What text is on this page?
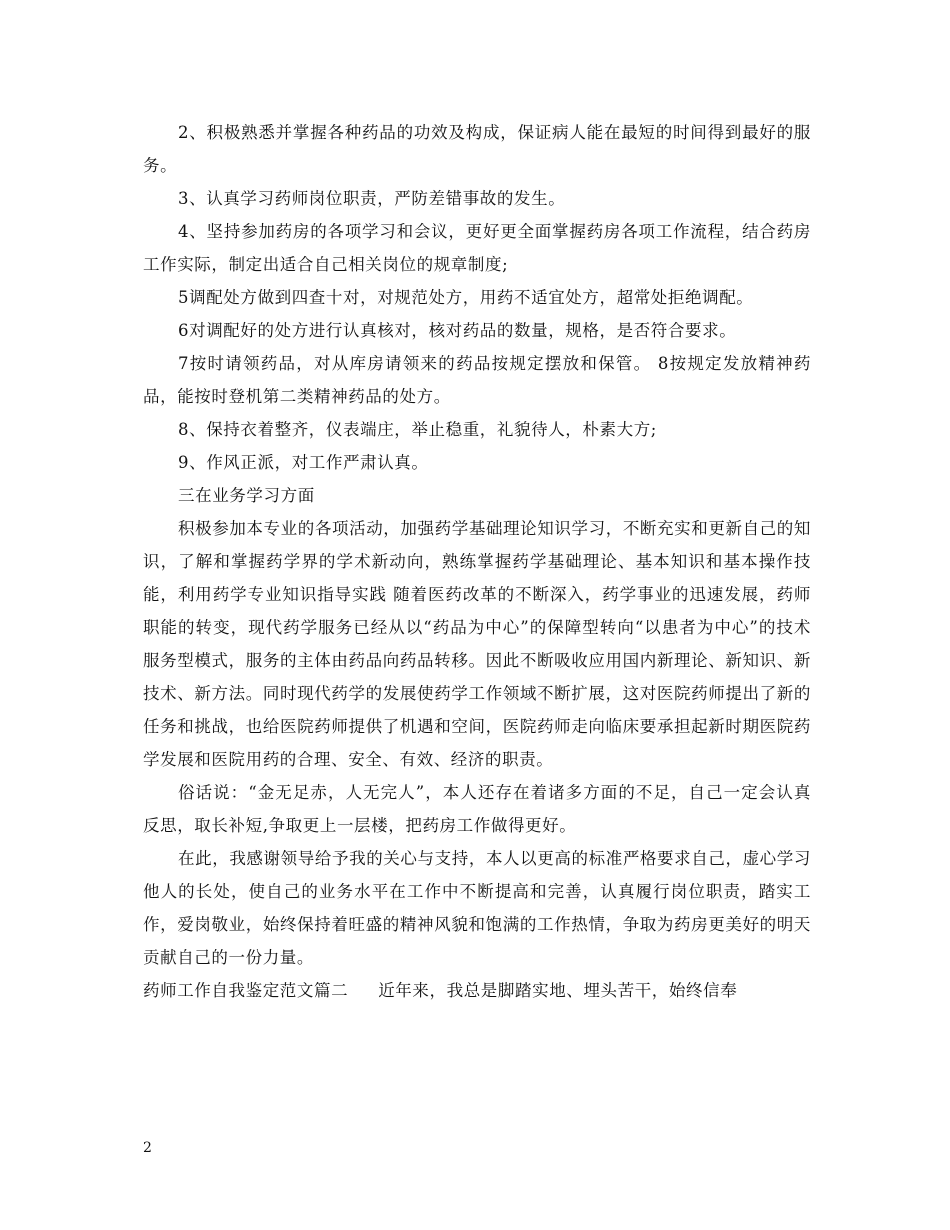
2、积极熟悉并掌握各种药品的功效及构成，保证病人能在最短的时间得到最好的服务。

3、认真学习药师岗位职责，严防差错事故的发生。

4、坚持参加药房的各项学习和会议，更好更全面掌握药房各项工作流程，结合药房工作实际，制定出适合自己相关岗位的规章制度;

5调配处方做到四查十对，对规范处方，用药不适宜处方，超常处拒绝调配。

6对调配好的处方进行认真核对，核对药品的数量，规格，是否符合要求。

7按时请领药品，对从库房请领来的药品按规定摆放和保管。 8按规定发放精神药品，能按时登机第二类精神药品的处方。

8、保持衣着整齐，仪表端庄，举止稳重，礼貌待人，朴素大方;

9、作风正派，对工作严肃认真。

三在业务学习方面

积极参加本专业的各项活动，加强药学基础理论知识学习，不断充实和更新自己的知识，了解和掌握药学界的学术新动向，熟练掌握药学基础理论、基本知识和基本操作技能，利用药学专业知识指导实践 随着医药改革的不断深入，药学事业的迅速发展，药师职能的转变，现代药学服务已经从以“药品为中心”的保障型转向“以患者为中心”的技术服务型模式，服务的主体由药品向药品转移。因此不断吸收应用国内新理论、新知识、新技术、新方法。同时现代药学的发展使药学工作领域不断扩展，这对医院药师提出了新的任务和挑战，也给医院药师提供了机遇和空间，医院药师走向临床要承担起新时期医院药学发展和医院用药的合理、安全、有效、经济的职责。

俗话说：“金无足赤，人无完人”，本人还存在着诸多方面的不足，自己一定会认真反思，取长补短,争取更上一层楼，把药房工作做得更好。

在此，我感谢领导给予我的关心与支持，本人以更高的标准严格要求自己，虚心学习他人的长处，使自己的业务水平在工作中不断提高和完善，认真履行岗位职责，踏实工作，爱岗敬业，始终保持着旺盛的精神风貌和饱满的工作热情，争取为药房更美好的明天贡献自己的一份力量。

药师工作自我鉴定范文篇二 近年来，我总是脚踏实地、埋头苦干，始终信奉

2
